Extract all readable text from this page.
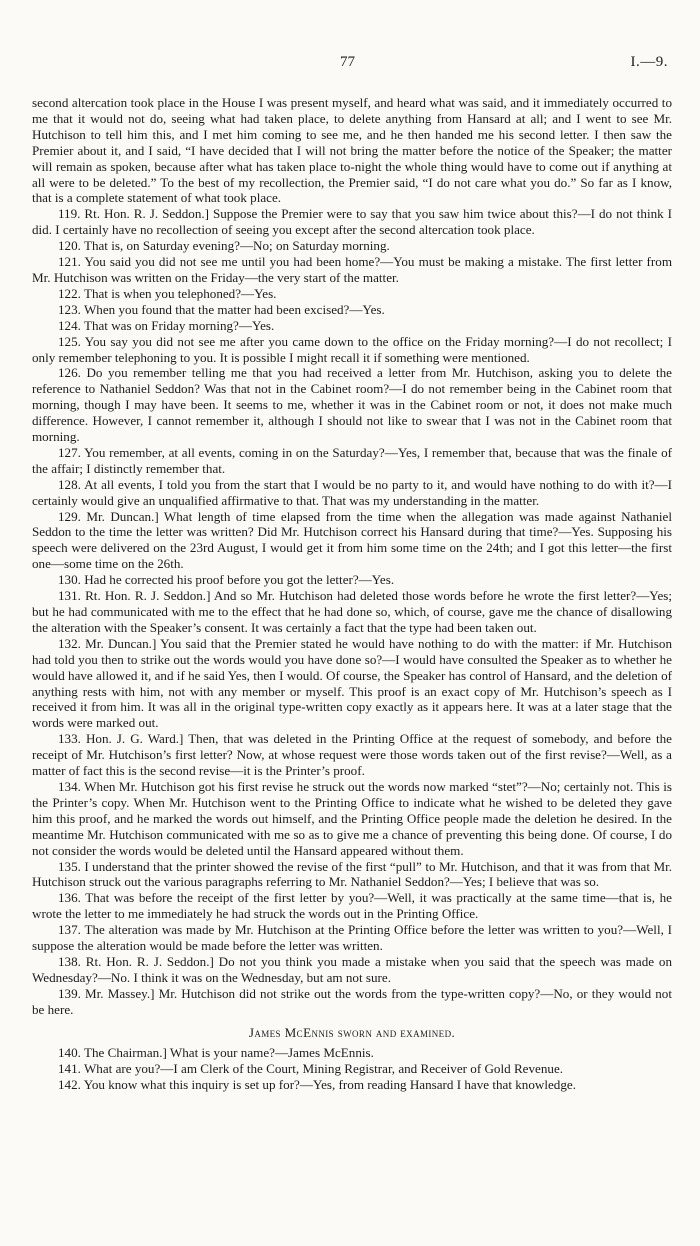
77	I.—9.

second altercation took place in the House I was present myself, and heard what was said, and it immediately occurred to me that it would not do, seeing what had taken place, to delete anything from Hansard at all; and I went to see Mr. Hutchison to tell him this, and I met him coming to see me, and he then handed me his second letter. I then saw the Premier about it, and I said, “I have decided that I will not bring the matter before the notice of the Speaker; the matter will remain as spoken, because after what has taken place to-night the whole thing would have to come out if anything at all were to be deleted.” To the best of my recollection, the Premier said, “I do not care what you do.” So far as I know, that is a complete statement of what took place.

119. Rt. Hon. R. J. Seddon.] Suppose the Premier were to say that you saw him twice about this?—I do not think I did. I certainly have no recollection of seeing you except after the second altercation took place.

120. That is, on Saturday evening?—No; on Saturday morning.

121. You said you did not see me until you had been home?—You must be making a mistake. The first letter from Mr. Hutchison was written on the Friday—the very start of the matter.

122. That is when you telephoned?—Yes.

123. When you found that the matter had been excised?—Yes.

124. That was on Friday morning?—Yes.

125. You say you did not see me after you came down to the office on the Friday morning?—I do not recollect; I only remember telephoning to you. It is possible I might recall it if something were mentioned.

126. Do you remember telling me that you had received a letter from Mr. Hutchison, asking you to delete the reference to Nathaniel Seddon? Was that not in the Cabinet room?—I do not remember being in the Cabinet room that morning, though I may have been. It seems to me, whether it was in the Cabinet room or not, it does not make much difference. However, I cannot remember it, although I should not like to swear that I was not in the Cabinet room that morning.

127. You remember, at all events, coming in on the Saturday?—Yes, I remember that, because that was the finale of the affair; I distinctly remember that.

128. At all events, I told you from the start that I would be no party to it, and would have nothing to do with it?—I certainly would give an unqualified affirmative to that. That was my understanding in the matter.

129. Mr. Duncan.] What length of time elapsed from the time when the allegation was made against Nathaniel Seddon to the time the letter was written? Did Mr. Hutchison correct his Hansard during that time?—Yes. Supposing his speech were delivered on the 23rd August, I would get it from him some time on the 24th; and I got this letter—the first one—some time on the 26th.

130. Had he corrected his proof before you got the letter?—Yes.

131. Rt. Hon. R. J. Seddon.] And so Mr. Hutchison had deleted those words before he wrote the first letter?—Yes; but he had communicated with me to the effect that he had done so, which, of course, gave me the chance of disallowing the alteration with the Speaker’s consent. It was certainly a fact that the type had been taken out.

132. Mr. Duncan.] You said that the Premier stated he would have nothing to do with the matter: if Mr. Hutchison had told you then to strike out the words would you have done so?—I would have consulted the Speaker as to whether he would have allowed it, and if he said Yes, then I would. Of course, the Speaker has control of Hansard, and the deletion of anything rests with him, not with any member or myself. This proof is an exact copy of Mr. Hutchison’s speech as I received it from him. It was all in the original type-written copy exactly as it appears here. It was at a later stage that the words were marked out.

133. Hon. J. G. Ward.] Then, that was deleted in the Printing Office at the request of somebody, and before the receipt of Mr. Hutchison’s first letter? Now, at whose request were those words taken out of the first revise?—Well, as a matter of fact this is the second revise—it is the Printer’s proof.

134. When Mr. Hutchison got his first revise he struck out the words now marked “stet”?—No; certainly not. This is the Printer’s copy. When Mr. Hutchison went to the Printing Office to indicate what he wished to be deleted they gave him this proof, and he marked the words out himself, and the Printing Office people made the deletion he desired. In the meantime Mr. Hutchison communicated with me so as to give me a chance of preventing this being done. Of course, I do not consider the words would be deleted until the Hansard appeared without them.

135. I understand that the printer showed the revise of the first “pull” to Mr. Hutchison, and that it was from that Mr. Hutchison struck out the various paragraphs referring to Mr. Nathaniel Seddon?—Yes; I believe that was so.

136. That was before the receipt of the first letter by you?—Well, it was practically at the same time—that is, he wrote the letter to me immediately he had struck the words out in the Printing Office.

137. The alteration was made by Mr. Hutchison at the Printing Office before the letter was written to you?—Well, I suppose the alteration would be made before the letter was written.

138. Rt. Hon. R. J. Seddon.] Do not you think you made a mistake when you said that the speech was made on Wednesday?—No. I think it was on the Wednesday, but am not sure.

139. Mr. Massey.] Mr. Hutchison did not strike out the words from the type-written copy?—No, or they would not be here.

James McEnnis sworn and examined.

140. The Chairman.] What is your name?—James McEnnis.

141. What are you?—I am Clerk of the Court, Mining Registrar, and Receiver of Gold Revenue.

142. You know what this inquiry is set up for?—Yes, from reading Hansard I have that knowledge.
